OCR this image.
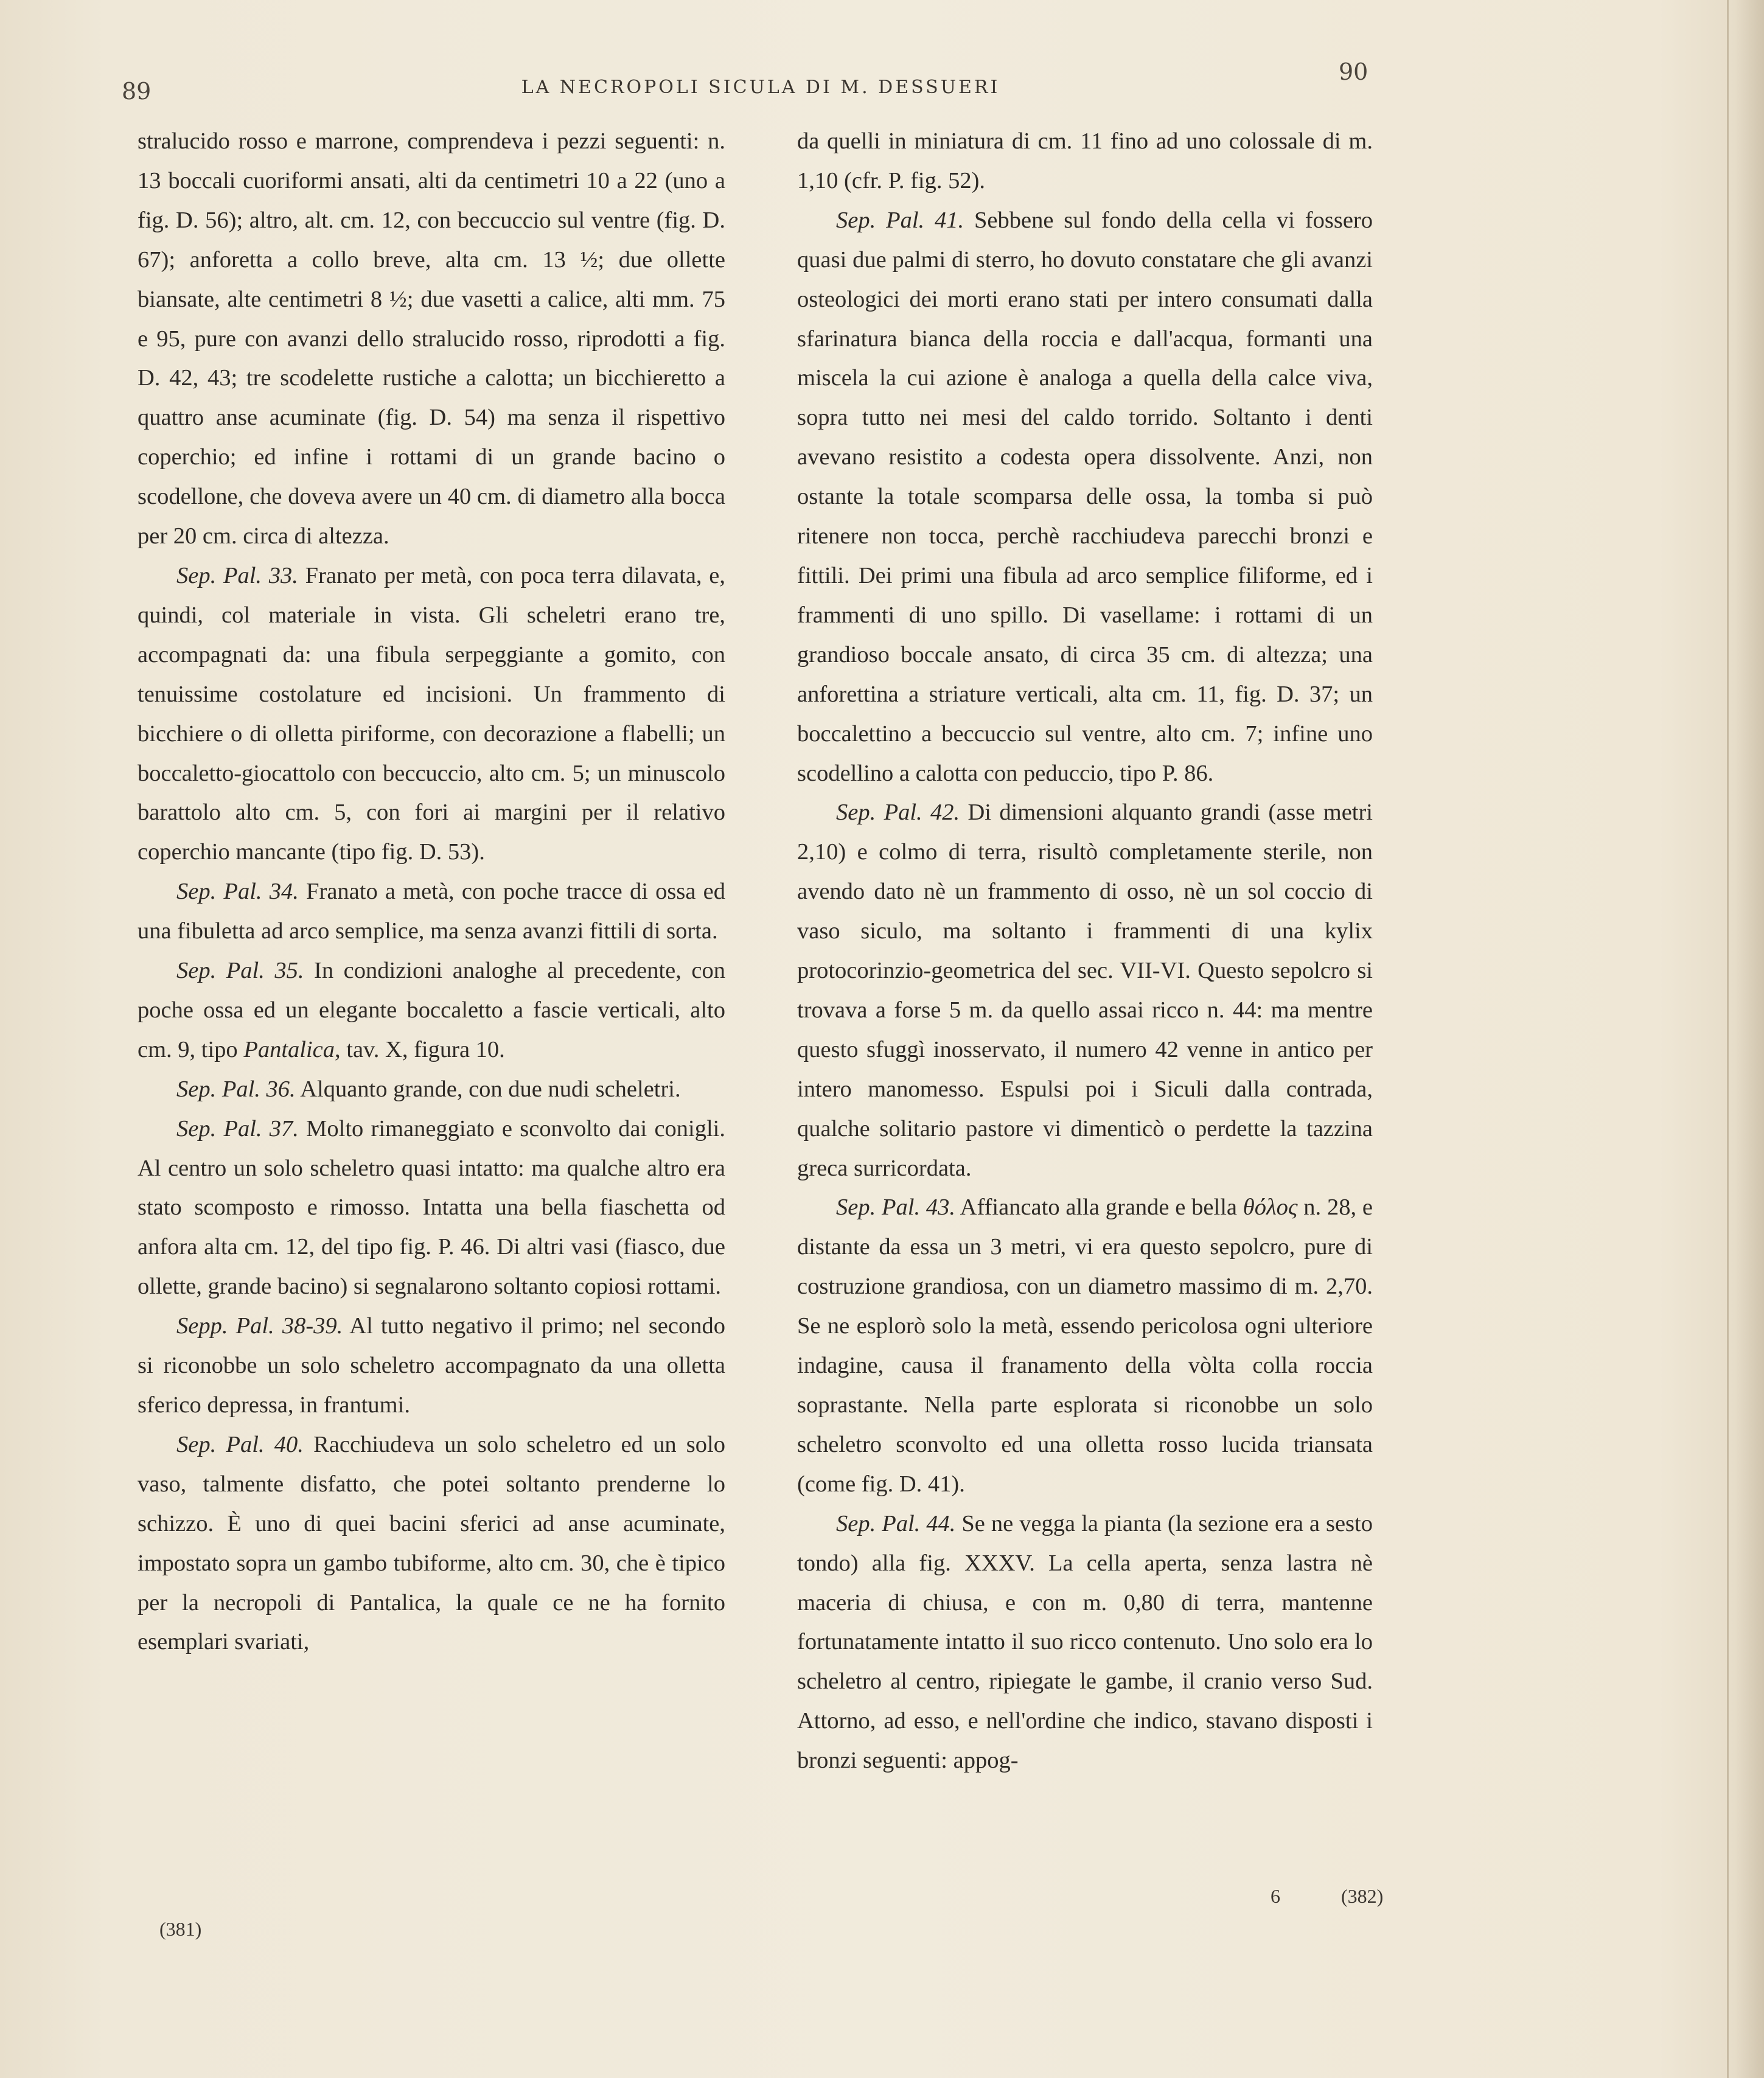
89	LA NECROPOLI SICULA DI M. DESSUERI
90

stralucido rosso e marrone, comprendeva i pezzi seguenti: n. 13 boccali cuoriformi ansati, alti da centimetri 10 a 22 (uno a fig. D. 56); altro, alt. cm. 12, con beccuccio sul ventre (fig. D. 67); anforetta a collo breve, alta cm. 13 ½; due ollette biansate, alte centimetri 8 ½; due vasetti a calice, alti mm. 75 e 95, pure con avanzi dello stralucido rosso, riprodotti a fig. D. 42, 43; tre scodelette rustiche a calotta; un bicchieretto a quattro anse acuminate (fig. D. 54) ma senza il rispettivo coperchio; ed infine i rottami di un grande bacino o scodellone, che doveva avere un 40 cm. di diametro alla bocca per 20 cm. circa di altezza.

Sep. Pal. 33. Franato per metà, con poca terra dilavata, e, quindi, col materiale in vista. Gli scheletri erano tre, accompagnati da: una fibula serpeggiante a gomito, con tenuissime costolature ed incisioni. Un frammento di bicchiere o di olletta piriforme, con decorazione a flabelli; un boccaletto-giocattolo con beccuccio, alto cm. 5; un minuscolo barattolo alto cm. 5, con fori ai margini per il relativo coperchio mancante (tipo fig. D. 53).

Sep. Pal. 34. Franato a metà, con poche tracce di ossa ed una fibuletta ad arco semplice, ma senza avanzi fittili di sorta.

Sep. Pal. 35. In condizioni analoghe al precedente, con poche ossa ed un elegante boccaletto a fascie verticali, alto cm. 9, tipo Pantalica, tav. X, figura 10.

Sep. Pal. 36. Alquanto grande, con due nudi scheletri.

Sep. Pal. 37. Molto rimaneggiato e sconvolto dai conigli. Al centro un solo scheletro quasi intatto: ma qualche altro era stato scomposto e rimosso. Intatta una bella fiaschetta od anfora alta cm. 12, del tipo fig. P. 46. Di altri vasi (fiasco, due ollette, grande bacino) si segnalarono soltanto copiosi rottami.

Sepp. Pal. 38-39. Al tutto negativo il primo; nel secondo si riconobbe un solo scheletro accompagnato da una olletta sferico depressa, in frantumi.

Sep. Pal. 40. Racchiudeva un solo scheletro ed un solo vaso, talmente disfatto, che potei soltanto prenderne lo schizzo. È uno di quei bacini sferici ad anse acuminate, impostato sopra un gambo tubiforme, alto cm. 30, che è tipico per la necropoli di Pantalica, la quale ce ne ha fornito esemplari svariati,

da quelli in miniatura di cm. 11 fino ad uno colossale di m. 1,10 (cfr. P. fig. 52).

Sep. Pal. 41. Sebbene sul fondo della cella vi fossero quasi due palmi di sterro, ho dovuto constatare che gli avanzi osteologici dei morti erano stati per intero consumati dalla sfarinatura bianca della roccia e dall'acqua, formanti una miscela la cui azione è analoga a quella della calce viva, sopra tutto nei mesi del caldo torrido. Soltanto i denti avevano resistito a codesta opera dissolvente. Anzi, non ostante la totale scomparsa delle ossa, la tomba si può ritenere non tocca, perchè racchiudeva parecchi bronzi e fittili. Dei primi una fibula ad arco semplice filiforme, ed i frammenti di uno spillo. Di vasellame: i rottami di un grandioso boccale ansato, di circa 35 cm. di altezza; una anforettina a striature verticali, alta cm. 11, fig. D. 37; un boccalettino a beccuccio sul ventre, alto cm. 7; infine uno scodellino a calotta con peduccio, tipo P. 86.

Sep. Pal. 42. Di dimensioni alquanto grandi (asse metri 2,10) e colmo di terra, risultò completamente sterile, non avendo dato nè un frammento di osso, nè un sol coccio di vaso siculo, ma soltanto i frammenti di una kylix protocorinzio-geometrica del sec. VII-VI. Questo sepolcro si trovava a forse 5 m. da quello assai ricco n. 44: ma mentre questo sfuggì inosservato, il numero 42 venne in antico per intero manomesso. Espulsi poi i Siculi dalla contrada, qualche solitario pastore vi dimenticò o perdette la tazzina greca surricordata.

Sep. Pal. 43. Affiancato alla grande e bella θόλος n. 28, e distante da essa un 3 metri, vi era questo sepolcro, pure di costruzione grandiosa, con un diametro massimo di m. 2,70. Se ne esplorò solo la metà, essendo pericolosa ogni ulteriore indagine, causa il franamento della vòlta colla roccia soprastante. Nella parte esplorata si riconobbe un solo scheletro sconvolto ed una olletta rosso lucida triansata (come fig. D. 41).

Sep. Pal. 44. Se ne vegga la pianta (la sezione era a sesto tondo) alla fig. XXXV. La cella aperta, senza lastra nè maceria di chiusa, e con m. 0,80 di terra, mantenne fortunatamente intatto il suo ricco contenuto. Uno solo era lo scheletro al centro, ripiegate le gambe, il cranio verso Sud. Attorno, ad esso, e nell'ordine che indico, stavano disposti i bronzi seguenti: appog-

(381)
6	(382)
